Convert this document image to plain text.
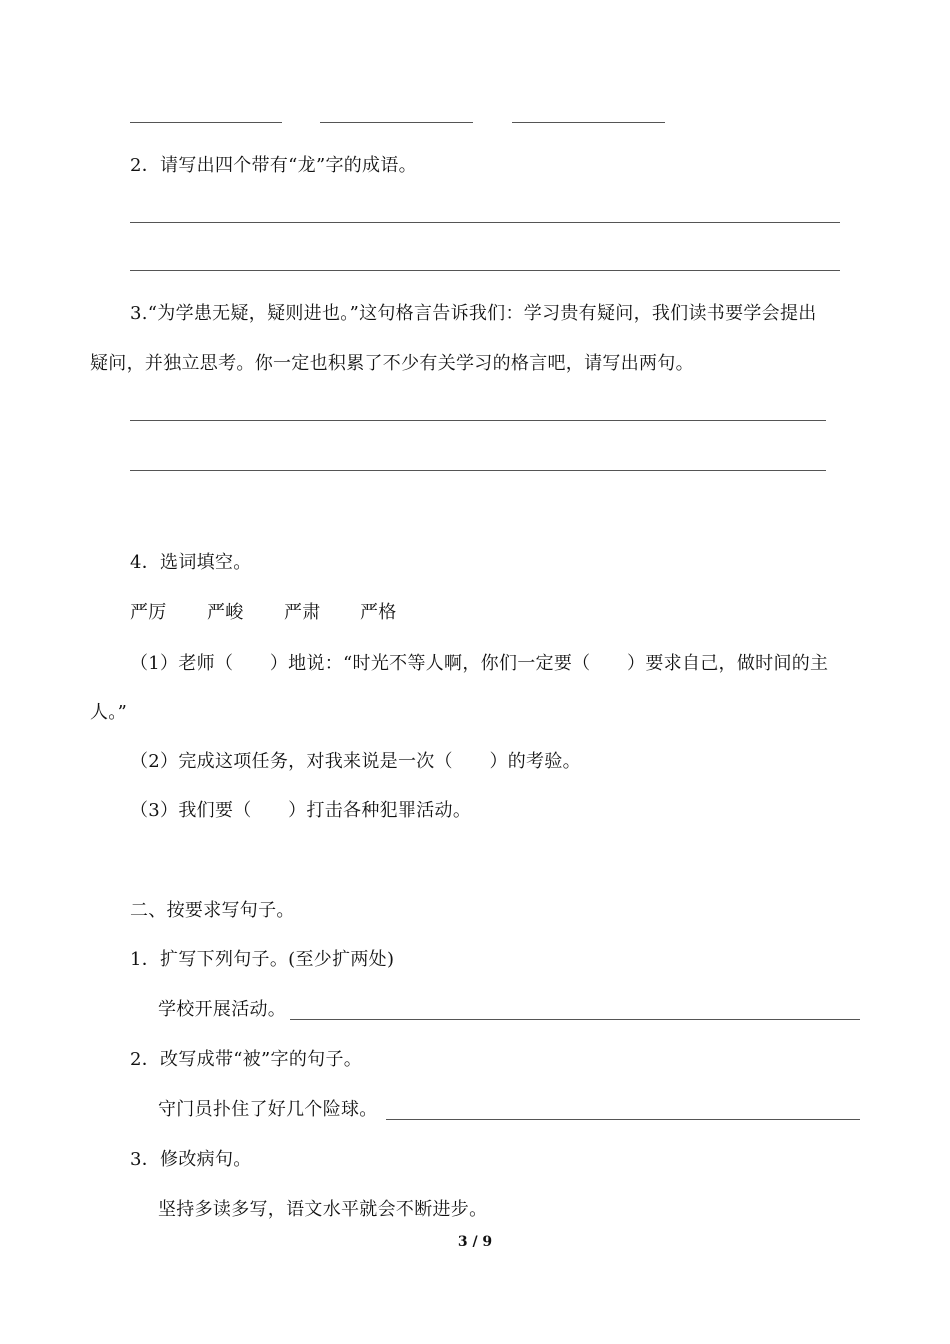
2．请写出四个带有“龙”字的成语。
3.“为学患无疑，疑则进也。”这句格言告诉我们：学习贵有疑问，我们读书要学会提出
疑问，并独立思考。你一定也积累了不少有关学习的格言吧，请写出两句。
4．选词填空。
严厉 严峻 严肃 严格
（1）老师（　　）地说：“时光不等人啊，你们一定要（　　）要求自己，做时间的主
人。”
（2）完成这项任务，对我来说是一次（　　）的考验。
（3）我们要（　　）打击各种犯罪活动。
二、按要求写句子。
1．扩写下列句子。(至少扩两处)
学校开展活动。
2．改写成带“被”字的句子。
守门员扑住了好几个险球。
3．修改病句。
坚持多读多写，语文水平就会不断进步。
3 / 9
